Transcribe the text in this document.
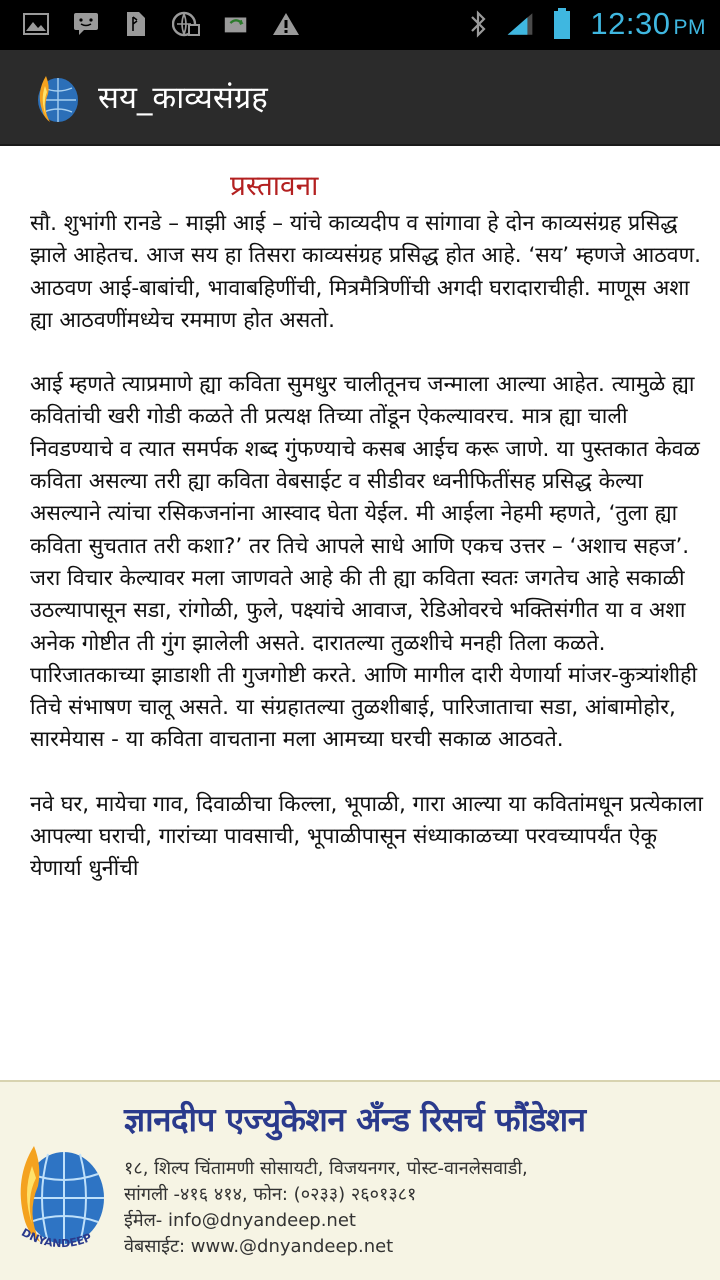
12:30 PM
सय_काव्यसंग्रह
प्रस्तावना

सौ. शुभांगी रानडे – माझी आई – यांचे काव्यदीप व सांगावा हे दोन काव्यसंग्रह प्रसिद्ध झाले आहेतच. आज सय हा तिसरा काव्यसंग्रह प्रसिद्ध होत आहे. ‘सय’ म्हणजे आठवण. आठवण आई-बाबांची, भावाबहिणींची, मित्रमैत्रिणींची अगदी घरादाराचीही. माणूस अशा ह्या आठवणींमध्येच रममाण होत असतो.

आई म्हणते त्याप्रमाणे ह्या कविता सुमधुर चालीतूनच जन्माला आल्या आहेत. त्यामुळे ह्या कवितांची खरी गोडी कळते ती प्रत्यक्ष तिच्या तोंडून ऐकल्यावरच. मात्र ह्या चाली निवडण्याचे व त्यात समर्पक शब्द गुंफण्याचे कसब आईच करू जाणे. या पुस्तकात केवळ कविता असल्या तरी ह्या कविता वेबसाईट व सीडीवर ध्वनीफितींसह प्रसिद्ध केल्या असल्याने त्यांचा रसिकजनांना आस्वाद घेता येईल. मी आईला नेहमी म्हणते, ‘तुला ह्या कविता सुचतात तरी कशा?’ तर तिचे आपले साधे आणि एकच उत्तर – ‘अशाच सहज’. जरा विचार केल्यावर मला जाणवते आहे की ती ह्या कविता स्वतः जगतेच आहे सकाळी उठल्यापासून सडा, रांगोळी, फुले, पक्ष्यांचे आवाज, रेडिओवरचे भक्तिसंगीत या व अशा अनेक गोष्टीत ती गुंग झालेली असते. दारातल्या तुळशीचे मनही तिला कळते. पारिजातकाच्या झाडाशी ती गुजगोष्टी करते. आणि मागील दारी येणार्या मांजर-कुत्र्यांशीही तिचे संभाषण चालू असते. या संग्रहातल्या तुळशीबाई, पारिजाताचा सडा, आंबामोहोर, सारमेयास - या कविता वाचताना मला आमच्या घरची सकाळ आठवते.

नवे घर, मायेचा गाव, दिवाळीचा किल्ला, भूपाळी, गारा आल्या या कवितांमधून प्रत्येकाला आपल्या घराची, गारांच्या पावसाची, भूपाळीपासून संध्याकाळच्या परवच्यापर्यंत ऐकू येणार्या धुनींची

DNYANDEEP
ज्ञानदीप एज्युकेशन अँन्ड रिसर्च फौंडेशन
१८, शिल्प चिंतामणी सोसायटी, विजयनगर, पोस्ट-वानलेसवाडी,
सांगली -४१६ ४१४, फोन: (०२३३) २६०१३८१
ईमेल- info@dnyandeep.net
वेबसाईट: www.@dnyandeep.net
